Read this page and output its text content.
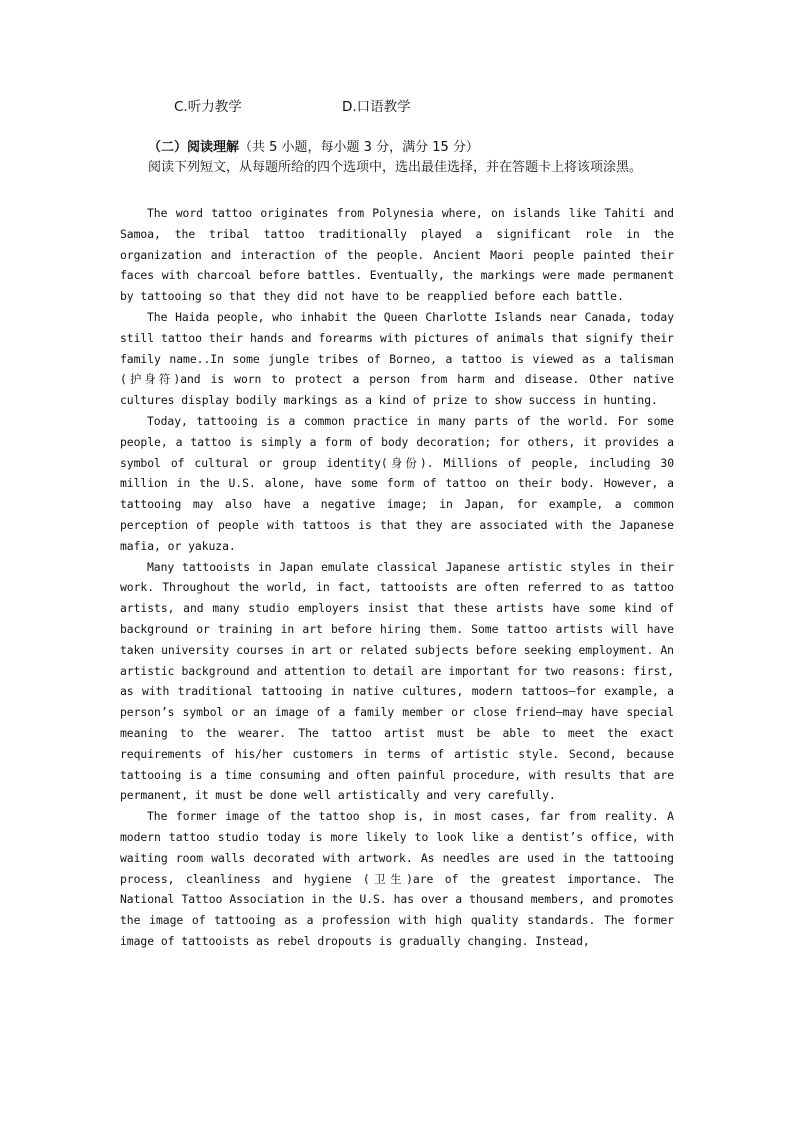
C.听力教学	D.口语教学
（二）阅读理解（共 5 小题，每小题 3 分，满分 15 分）
阅读下列短文，从每题所给的四个选项中，选出最佳选择，并在答题卡上将该项涂黑。

The word tattoo originates from Polynesia where, on islands like Tahiti and Samoa, the tribal tattoo traditionally played a significant role in the organization and interaction of the people. Ancient Maori people painted their faces with charcoal before battles. Eventually, the markings were made permanent by tattooing so that they did not have to be reapplied before each battle.

The Haida people, who inhabit the Queen Charlotte Islands near Canada, today still tattoo their hands and forearms with pictures of animals that signify their family name..In some jungle tribes of Borneo, a tattoo is viewed as a talisman (护身符)and is worn to protect a person from harm and disease. Other native cultures display bodily markings as a kind of prize to show success in hunting.

Today, tattooing is a common practice in many parts of the world. For some people, a tattoo is simply a form of body decoration; for others, it provides a symbol of cultural or group identity(身份). Millions of people, including 30 million in the U.S. alone, have some form of tattoo on their body. However, a tattooing may also have a negative image; in Japan, for example, a common perception of people with tattoos is that they are associated with the Japanese mafia, or yakuza.

Many tattooists in Japan emulate classical Japanese artistic styles in their work. Throughout the world, in fact, tattooists are often referred to as tattoo artists, and many studio employers insist that these artists have some kind of background or training in art before hiring them. Some tattoo artists will have taken university courses in art or related subjects before seeking employment. An artistic background and attention to detail are important for two reasons: first, as with traditional tattooing in native cultures, modern tattoos—for example, a person’s symbol or an image of a family member or close friend—may have special meaning to the wearer. The tattoo artist must be able to meet the exact requirements of his/her customers in terms of artistic style. Second, because tattooing is a time consuming and often painful procedure, with results that are permanent, it must be done well artistically and very carefully.

The former image of the tattoo shop is, in most cases, far from reality. A modern tattoo studio today is more likely to look like a dentist’s office, with waiting room walls decorated with artwork. As needles are used in the tattooing process, cleanliness and hygiene (卫生)are of the greatest importance. The National Tattoo Association in the U.S. has over a thousand members, and promotes the image of tattooing as a profession with high quality standards. The former image of tattooists as rebel dropouts is gradually changing. Instead,
